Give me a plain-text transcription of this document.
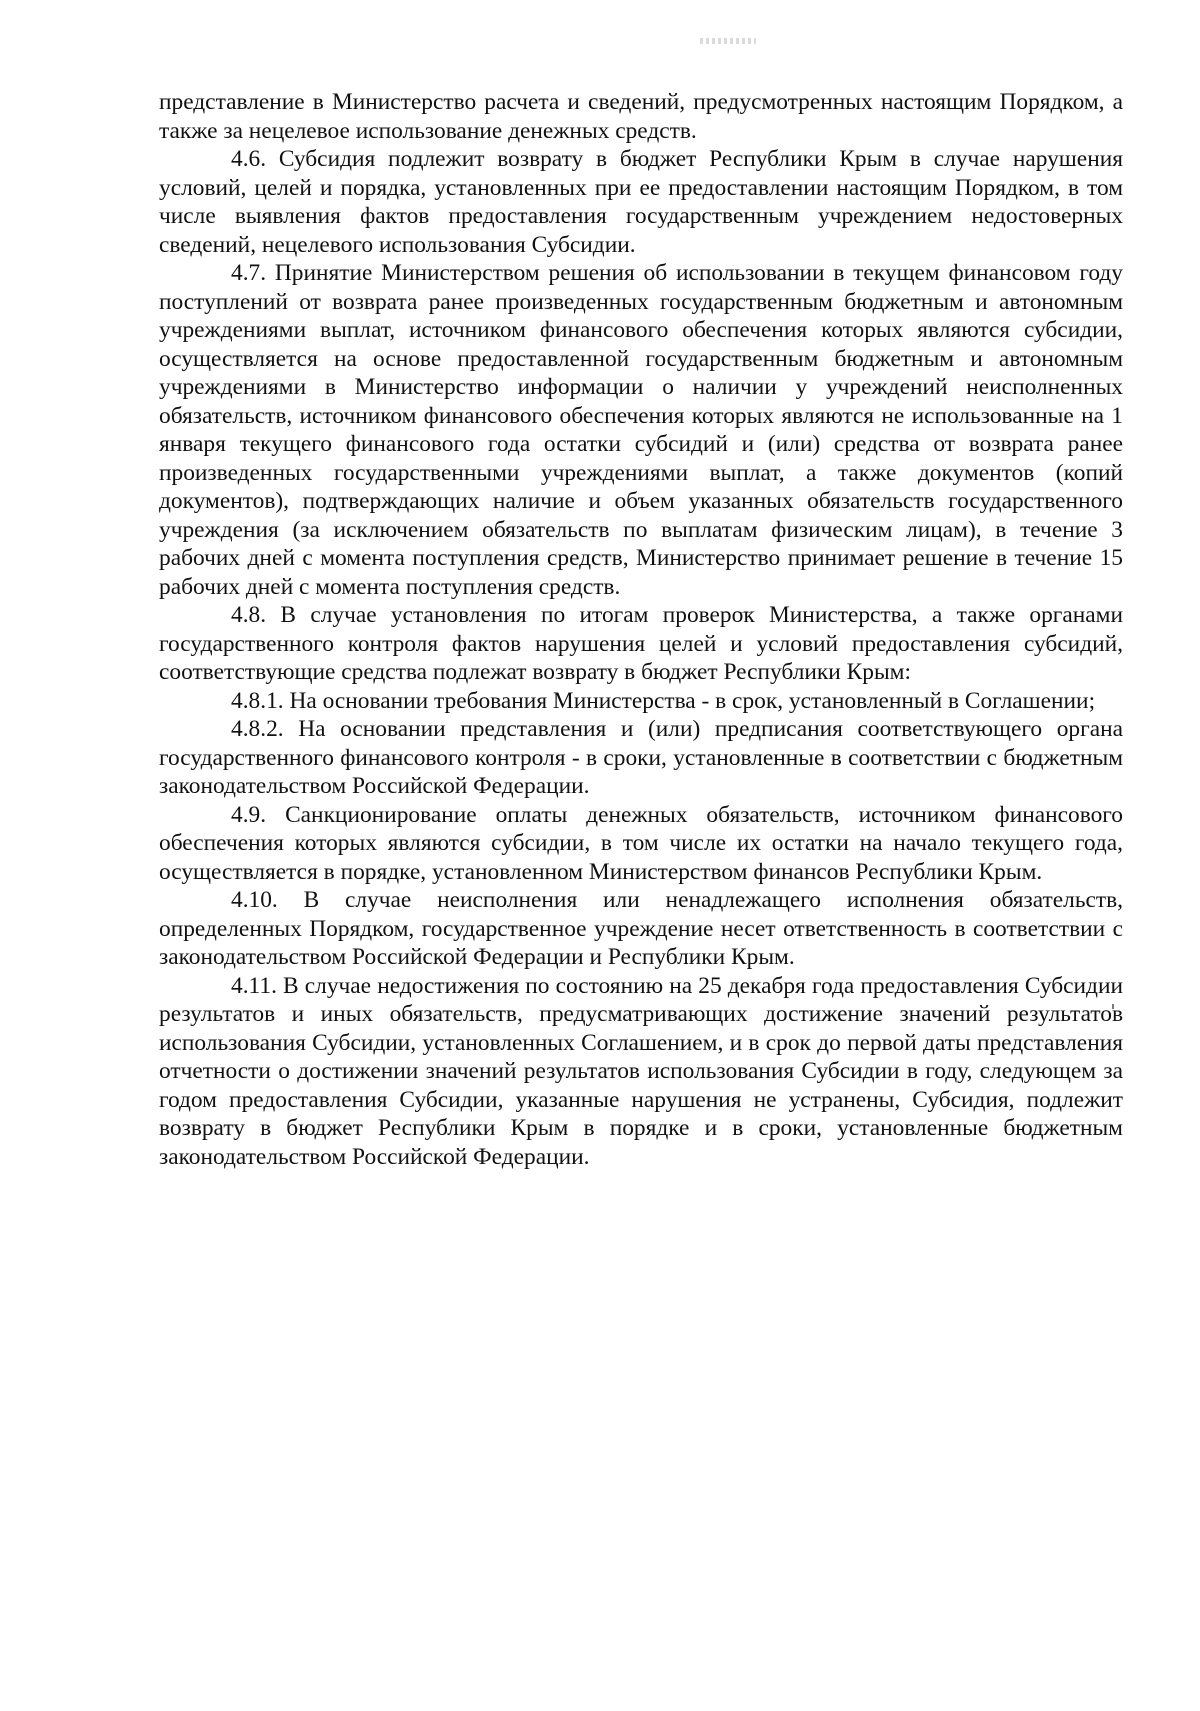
представление в Министерство расчета и сведений, предусмотренных настоящим Порядком, а также за нецелевое использование денежных средств.

4.6. Субсидия подлежит возврату в бюджет Республики Крым в случае нарушения условий, целей и порядка, установленных при ее предоставлении настоящим Порядком, в том числе выявления фактов предоставления государственным учреждением недостоверных сведений, нецелевого использования Субсидии.

4.7. Принятие Министерством решения об использовании в текущем финансовом году поступлений от возврата ранее произведенных государственным бюджетным и автономным учреждениями выплат, источником финансового обеспечения которых являются субсидии, осуществляется на основе предоставленной государственным бюджетным и автономным учреждениями в Министерство информации о наличии у учреждений неисполненных обязательств, источником финансового обеспечения которых являются не использованные на 1 января текущего финансового года остатки субсидий и (или) средства от возврата ранее произведенных государственными учреждениями выплат, а также документов (копий документов), подтверждающих наличие и объем указанных обязательств государственного учреждения (за исключением обязательств по выплатам физическим лицам), в течение 3 рабочих дней с момента поступления средств, Министерство принимает решение в течение 15 рабочих дней с момента поступления средств.

4.8. В случае установления по итогам проверок Министерства, а также органами государственного контроля фактов нарушения целей и условий предоставления субсидий, соответствующие средства подлежат возврату в бюджет Республики Крым:

4.8.1. На основании требования Министерства - в срок, установленный в Соглашении;

4.8.2. На основании представления и (или) предписания соответствующего органа государственного финансового контроля - в сроки, установленные в соответствии с бюджетным законодательством Российской Федерации.

4.9. Санкционирование оплаты денежных обязательств, источником финансового обеспечения которых являются субсидии, в том числе их остатки на начало текущего года, осуществляется в порядке, установленном Министерством финансов Республики Крым.

4.10. В случае неисполнения или ненадлежащего исполнения обязательств, определенных Порядком, государственное учреждение несет ответственность в соответствии с законодательством Российской Федерации и Республики Крым.

4.11. В случае недостижения по состоянию на 25 декабря года предоставления Субсидии результатов и иных обязательств, предусматривающих достижение значений результатов использования Субсидии, установленных Соглашением, и в срок до первой даты представления отчетности о достижении значений результатов использования Субсидии в году, следующем за годом предоставления Субсидии, указанные нарушения не устранены, Субсидия, подлежит возврату в бюджет Республики Крым в порядке и в сроки, установленные бюджетным законодательством Российской Федерации.
